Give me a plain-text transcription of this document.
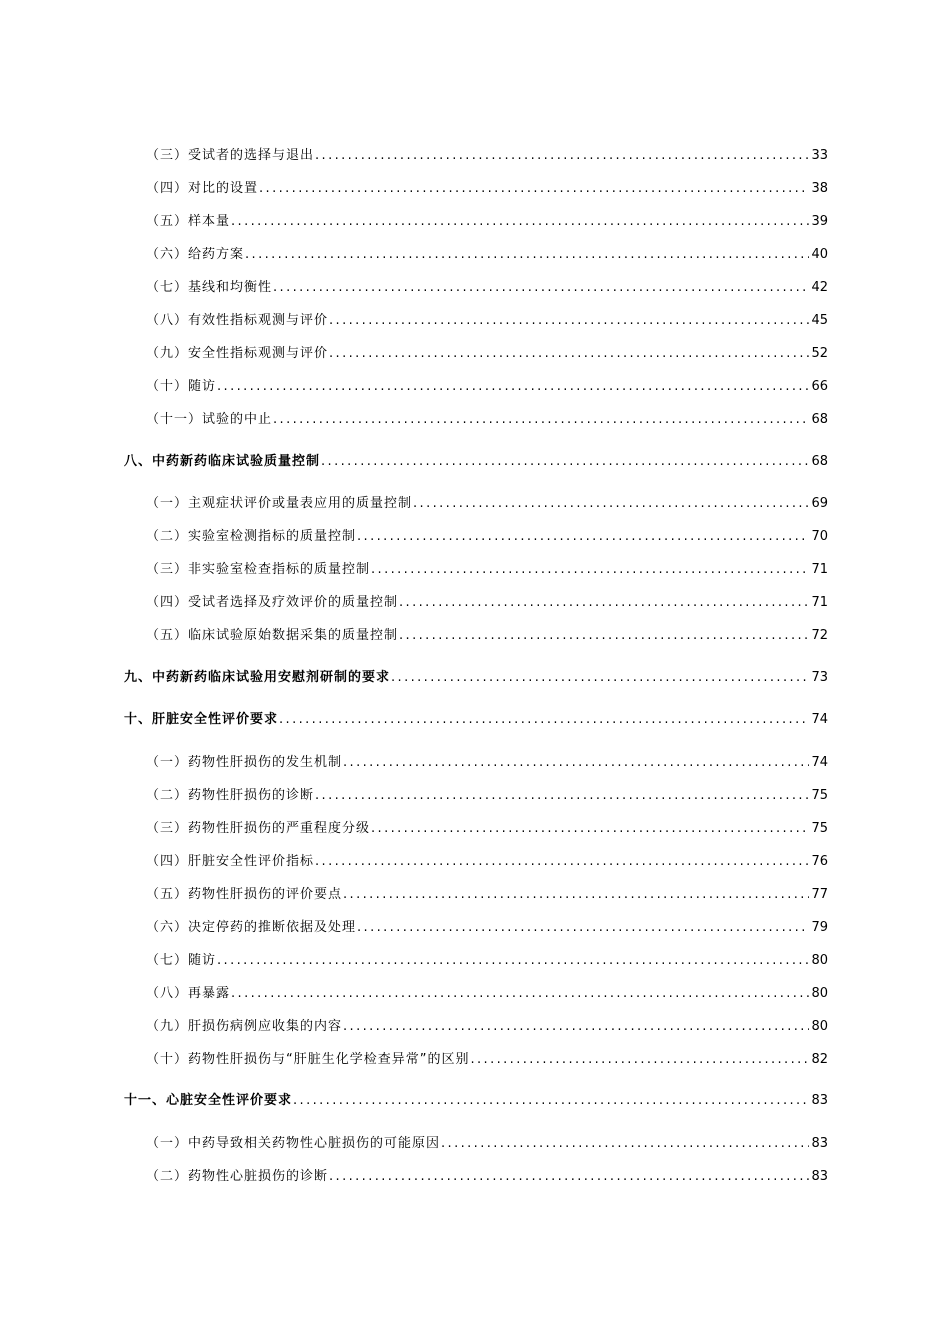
（三）受试者的选择与退出 .....	33
（四）对比的设置 .....	38
（五）样本量 .....	39
（六）给药方案 .....	40
（七）基线和均衡性 .....	42
（八）有效性指标观测与评价 .....	45
（九）安全性指标观测与评价 .....	52
（十）随访 .....	66
（十一）试验的中止 .....	68
八、中药新药临床试验质量控制 .....	68
（一）主观症状评价或量表应用的质量控制 .....	69
（二）实验室检测指标的质量控制 .....	70
（三）非实验室检查指标的质量控制 .....	71
（四）受试者选择及疗效评价的质量控制 .....	71
（五）临床试验原始数据采集的质量控制 .....	72
九、中药新药临床试验用安慰剂研制的要求 .....	73
十、肝脏安全性评价要求 .....	74
（一）药物性肝损伤的发生机制 .....	74
（二）药物性肝损伤的诊断 .....	75
（三）药物性肝损伤的严重程度分级 .....	75
（四）肝脏安全性评价指标 .....	76
（五）药物性肝损伤的评价要点 .....	77
（六）决定停药的推断依据及处理 .....	79
（七）随访 .....	80
（八）再暴露 .....	80
（九）肝损伤病例应收集的内容 .....	80
（十）药物性肝损伤与“肝脏生化学检查异常”的区别 .....	82
十一、心脏安全性评价要求 .....	83
（一）中药导致相关药物性心脏损伤的可能原因 .....	83
（二）药物性心脏损伤的诊断 .....	83
